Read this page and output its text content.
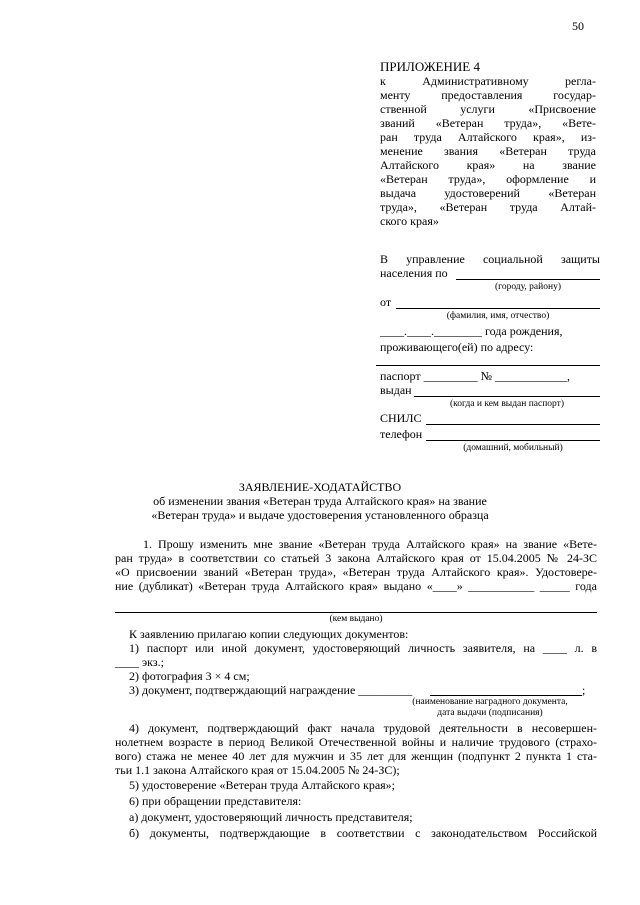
50
ПРИЛОЖЕНИЕ 4
к Административному регла-
менту предоставления государ-
ственной услуги «Присвоение
званий «Ветеран труда», «Вете-
ран труда Алтайского края», из-
менение звания «Ветеран труда
Алтайского края» на звание
«Ветеран труда», оформление и
выдача удостоверений «Ветеран
труда», «Ветеран труда Алтай-
ского края»
В управление социальной защиты
населения по
(городу, району)
от
(фамилия, имя, отчество)
____.____.________ года рождения,
проживающего(ей) по адресу:
паспорт _________ № ____________,
выдан
(когда и кем выдан паспорт)
СНИЛС
телефон
(домашний, мобильный)
ЗАЯВЛЕНИЕ-ХОДАТАЙСТВО
об изменении звания «Ветеран труда Алтайского края» на звание
«Ветеран труда» и выдаче удостоверения установленного образца
1. Прошу изменить мне звание «Ветеран труда Алтайского края» на звание «Вете-
ран труда» в соответствии со статьей 3 закона Алтайского края от 15.04.2005 № 24-ЗС
«О присвоении званий «Ветеран труда», «Ветеран труда Алтайского края». Удостовере-
ние (дубликат) «Ветеран труда Алтайского края» выдано «____» ___________ _____ года
(кем выдано)
К заявлению прилагаю копии следующих документов:
1) паспорт или иной документ, удостоверяющий личность заявителя, на ____ л. в
____ экз.;
2) фотография 3 × 4 см;
3) документ, подтверждающий награждение _________	;
(наименование наградного документа,
дата выдачи (подписания)
4) документ, подтверждающий факт начала трудовой деятельности в несовершен-
нолетнем возрасте в период Великой Отечественной войны и наличие трудового (страхо-
вого) стажа не менее 40 лет для мужчин и 35 лет для женщин (подпункт 2 пункта 1 ста-
тьи 1.1 закона Алтайского края от 15.04.2005 № 24-ЗС);
5) удостоверение «Ветеран труда Алтайского края»;
6) при обращении представителя:
а) документ, удостоверяющий личность представителя;
б) документы, подтверждающие в соответствии с законодательством Российской
